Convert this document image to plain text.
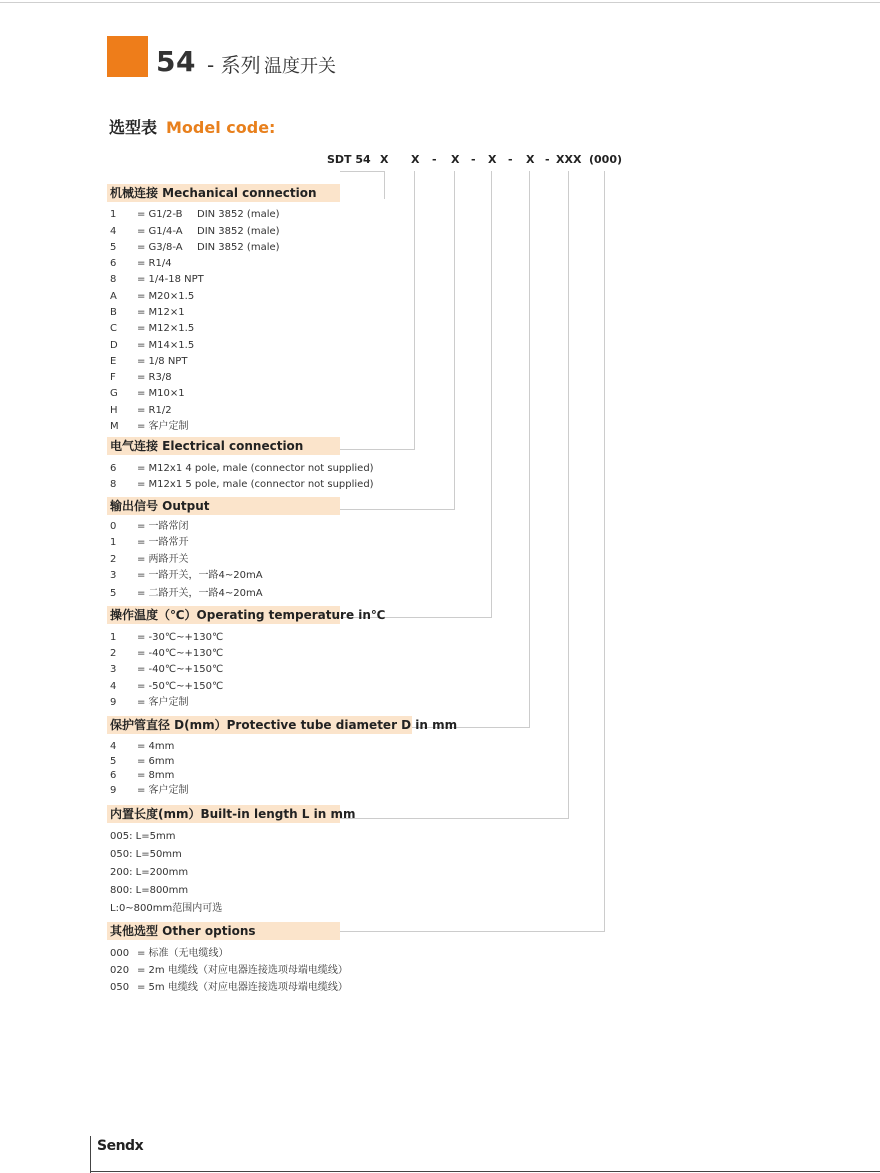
54 - 系列 温度开关
选型表 Model code:
SDT 54 X X - X - X - X - XXX (000)
机械连接 Mechanical connection
1 = G1/2-B DIN 3852 (male)
4 = G1/4-A DIN 3852 (male)
5 = G3/8-A DIN 3852 (male)
6 = R1/4
8 = 1/4-18 NPT
A = M20×1.5
B = M12×1
C = M12×1.5
D = M14×1.5
E = 1/8 NPT
F = R3/8
G = M10×1
H = R1/2
M = 客户定制
电气连接 Electrical connection
6 = M12x1 4 pole, male (connector not supplied)
8 = M12x1 5 pole, male (connector not supplied)
输出信号 Output
0 = 一路常闭
1 = 一路常开
2 = 两路开关
3 = 一路开关，一路4~20mA
5 = 二路开关，一路4~20mA
操作温度（℃）Operating temperature in℃
1 = -30℃~+130℃
2 = -40℃~+130℃
3 = -40℃~+150℃
4 = -50℃~+150℃
9 = 客户定制
保护管直径 D(mm）Protective tube diameter D in mm
4 = 4mm
5 = 6mm
6 = 8mm
9 = 客户定制
内置长度(mm）Built-in length L in mm
005: L=5mm
050: L=50mm
200: L=200mm
800: L=800mm
L:0~800mm范围内可选
其他选型 Other options
000 = 标准（无电缆线）
020 = 2m 电缆线（对应电器连接选项母端电缆线）
050 = 5m 电缆线（对应电器连接选项母端电缆线）
Sendx
